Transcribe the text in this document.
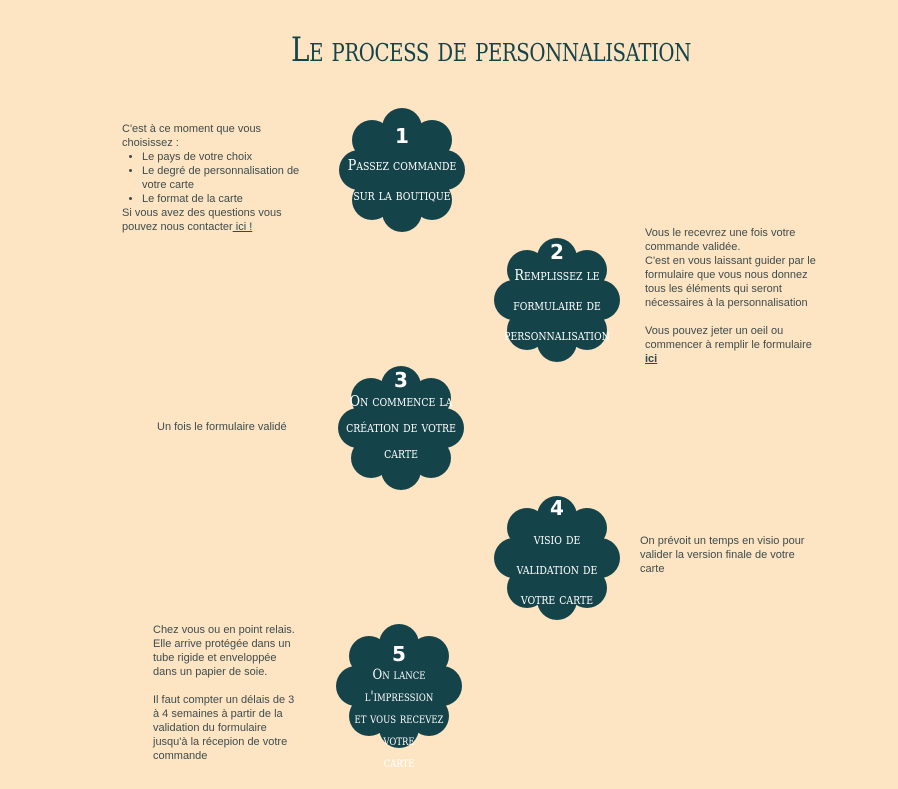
Le process de personnalisation
1
Passez commande
sur la boutique
2
Remplissez le
formulaire de
personnalisation
3
On commence la
création de votre
carte
4
visio de
validation de
votre carte
5
On lance l'impression
et vous recevez votre
carte

C'est à ce moment que vous

choisissez :

• Le pays de votre choix
• Le degré de personnalisation de votre carte
• Le format de la carte

Si vous avez des questions vous

pouvez nous contacter ici !	Vous le recevrez une fois votre

commande validée.

C'est en vous laissant guider par le

formulaire que vous nous donnez

tous les éléments qui seront

nécessaires à la personnalisation

Vous pouvez jeter un oeil ou

commencer à remplir le formulaire

ici

Un fois le formulaire validé

On prévoit un temps en visio pour

valider la version finale de votre

carte

Chez vous ou en point relais.

Elle arrive protégée dans un

tube rigide et enveloppée

dans un papier de soie.

Il faut compter un délais de 3

à 4 semaines à partir de la

validation du formulaire

jusqu'à la récepion de votre

commande
